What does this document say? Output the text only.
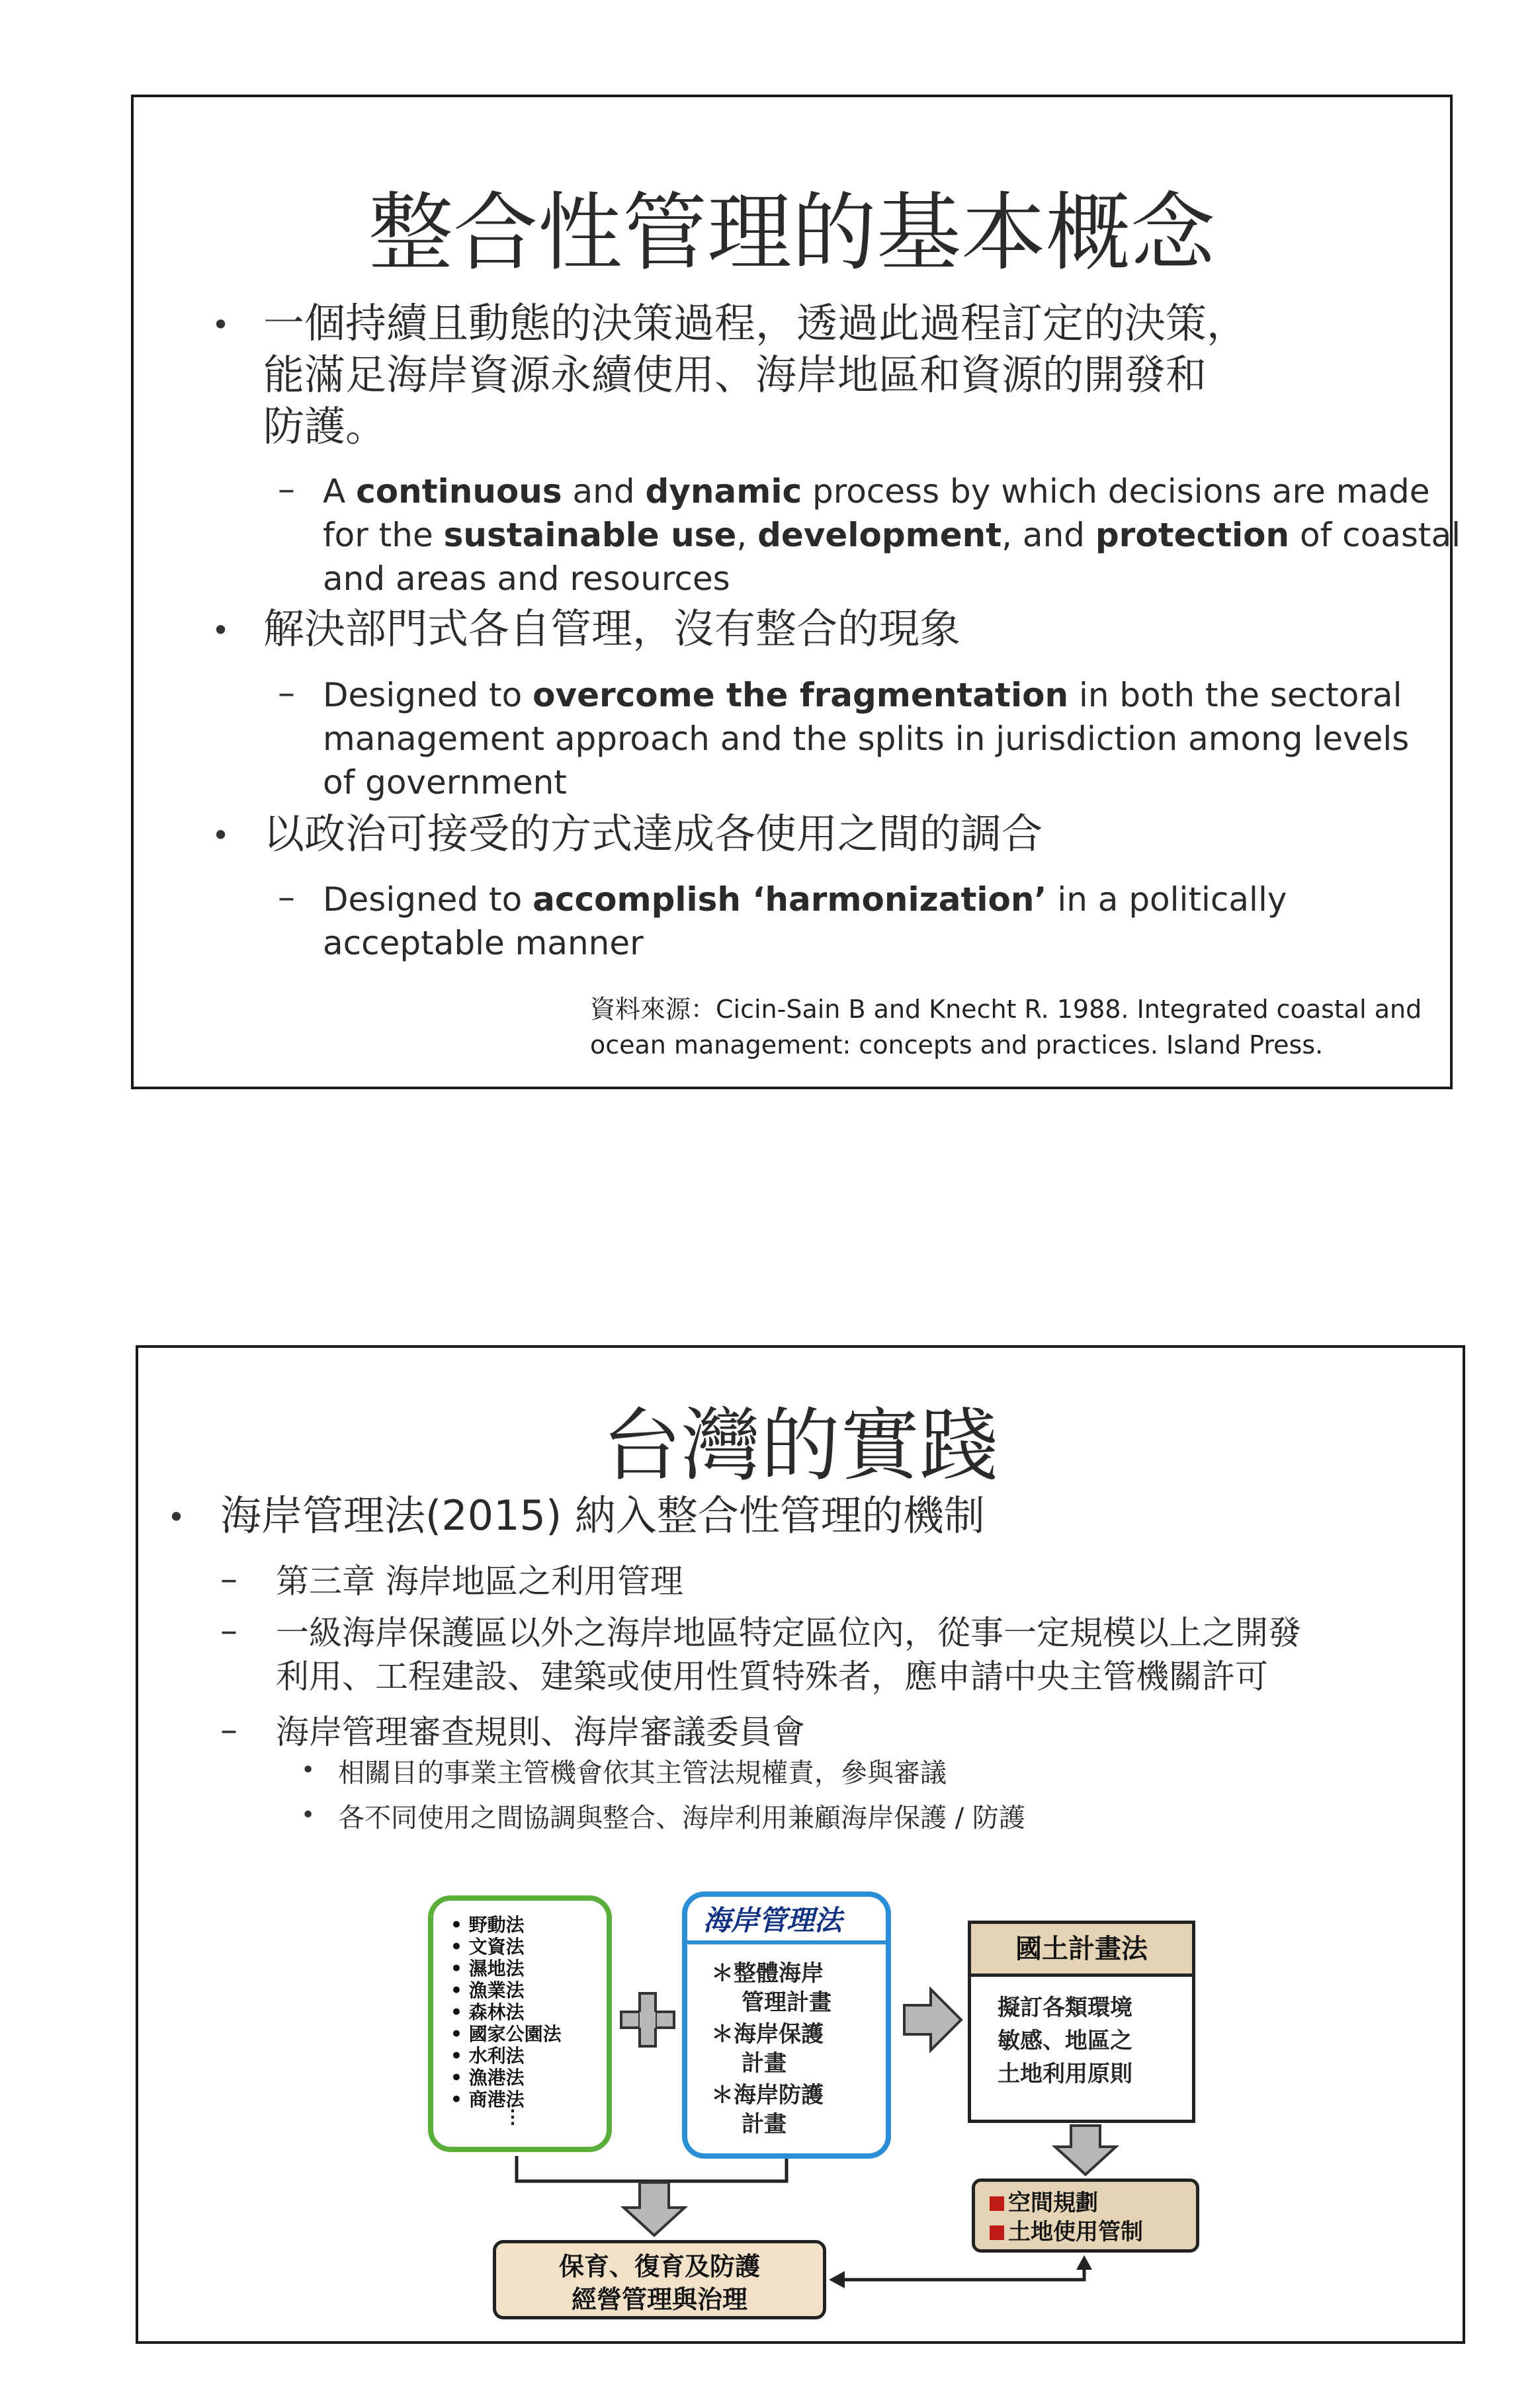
整合性管理的基本概念
• 一個持續且動態的決策過程，透過此過程訂定的決策，

能滿足海岸資源永續使用、海岸地區和資源的開發和

防護。

– A continuous and dynamic process by which decisions are made

for the sustainable use, development, and protection of coastal

and areas and resources

• 解決部門式各自管理，沒有整合的現象

– Designed to overcome the fragmentation in both the sectoral

management approach and the splits in jurisdiction among levels

of government

• 以政治可接受的方式達成各使用之間的調合

– Designed to accomplish ‘harmonization’ in a politically

acceptable manner

資料來源：Cicin-Sain B and Knecht R. 1988. Integrated coastal and

ocean management: concepts and practices. Island Press.

台灣的實踐
• 海岸管理法(2015) 納入整合性管理的機制

– 第三章 海岸地區之利用管理

– 一級海岸保護區以外之海岸地區特定區位內，從事一定規模以上之開發

利用、工程建設、建築或使用性質特殊者，應申請中央主管機關許可

– 海岸管理審查規則、海岸審議委員會

• 相關目的事業主管機會依其主管法規權責，參與審議

• 各不同使用之間協調與整合、海岸利用兼顧海岸保護 / 防護

• 野動法
• 文資法
• 濕地法
• 漁業法
• 森林法
• 國家公園法
• 水利法
• 漁港法
• 商港法
⋮
海岸管理法
＊整體海岸
管理計畫
＊海岸保護
計畫
＊海岸防護
計畫
國土計畫法
擬訂各類環境
敏感、地區之
土地利用原則
空間規劃
土地使用管制
保育、復育及防護
經營管理與治理
